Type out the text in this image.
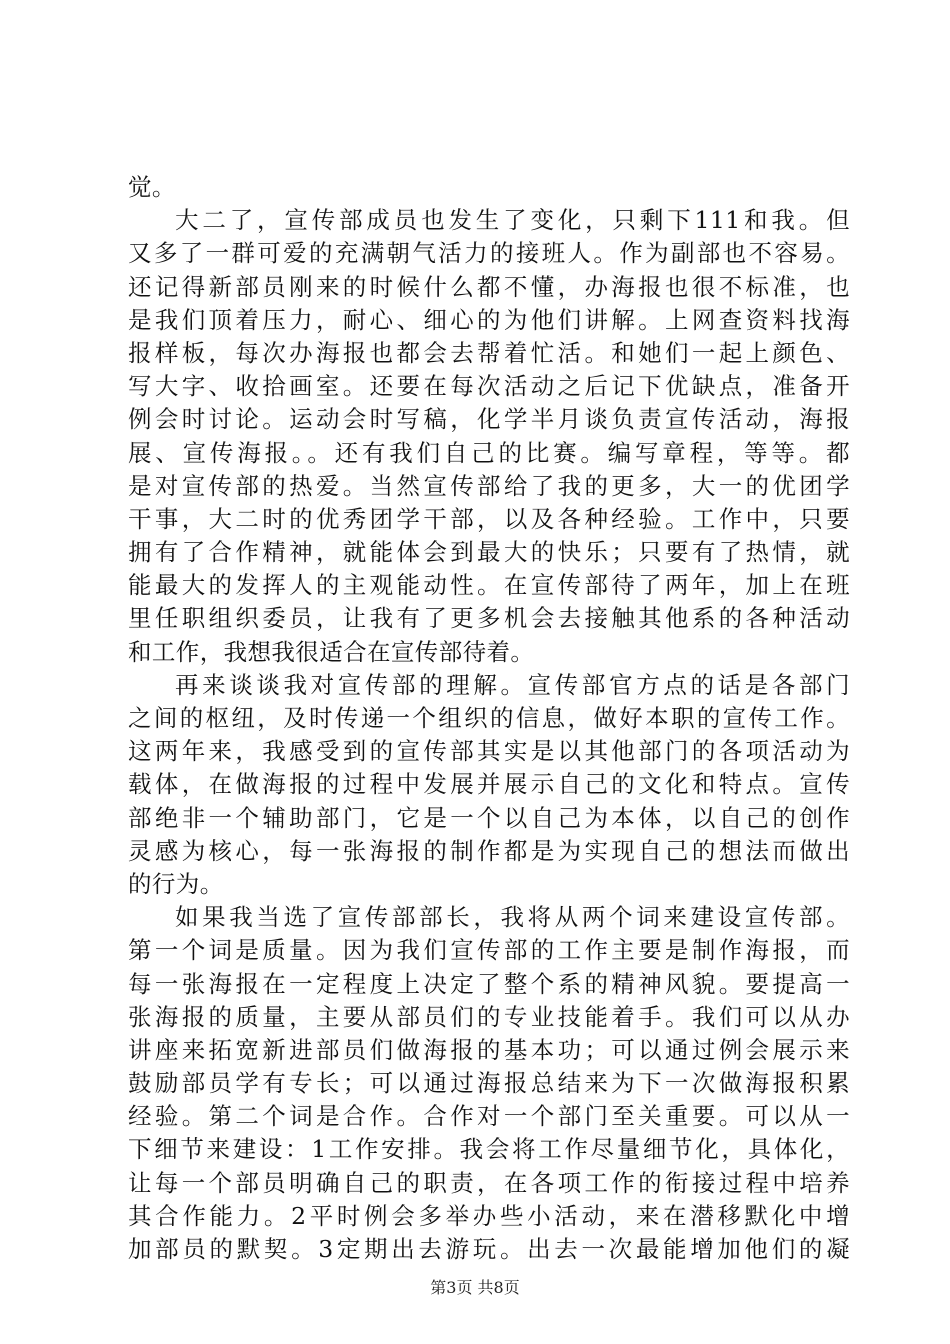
觉。
大二了，宣传部成员也发生了变化，只剩下111和我。但
又多了一群可爱的充满朝气活力的接班人。作为副部也不容易。
还记得新部员刚来的时候什么都不懂，办海报也很不标准，也
是我们顶着压力，耐心、细心的为他们讲解。上网查资料找海
报样板，每次办海报也都会去帮着忙活。和她们一起上颜色、
写大字、收拾画室。还要在每次活动之后记下优缺点，准备开
例会时讨论。运动会时写稿，化学半月谈负责宣传活动，海报
展、宣传海报。。还有我们自己的比赛。编写章程，等等。都
是对宣传部的热爱。当然宣传部给了我的更多，大一的优团学
干事，大二时的优秀团学干部，以及各种经验。工作中，只要
拥有了合作精神，就能体会到最大的快乐；只要有了热情，就
能最大的发挥人的主观能动性。在宣传部待了两年，加上在班
里任职组织委员，让我有了更多机会去接触其他系的各种活动
和工作，我想我很适合在宣传部待着。
再来谈谈我对宣传部的理解。宣传部官方点的话是各部门
之间的枢纽，及时传递一个组织的信息，做好本职的宣传工作。
这两年来，我感受到的宣传部其实是以其他部门的各项活动为
载体，在做海报的过程中发展并展示自己的文化和特点。宣传
部绝非一个辅助部门，它是一个以自己为本体，以自己的创作
灵感为核心，每一张海报的制作都是为实现自己的想法而做出
的行为。
如果我当选了宣传部部长，我将从两个词来建设宣传部。
第一个词是质量。因为我们宣传部的工作主要是制作海报，而
每一张海报在一定程度上决定了整个系的精神风貌。要提高一
张海报的质量，主要从部员们的专业技能着手。我们可以从办
讲座来拓宽新进部员们做海报的基本功；可以通过例会展示来
鼓励部员学有专长；可以通过海报总结来为下一次做海报积累
经验。第二个词是合作。合作对一个部门至关重要。可以从一
下细节来建设：1工作安排。我会将工作尽量细节化，具体化，
让每一个部员明确自己的职责，在各项工作的衔接过程中培养
其合作能力。2平时例会多举办些小活动，来在潜移默化中增
加部员的默契。3定期出去游玩。出去一次最能增加他们的凝
第3页 共8页
